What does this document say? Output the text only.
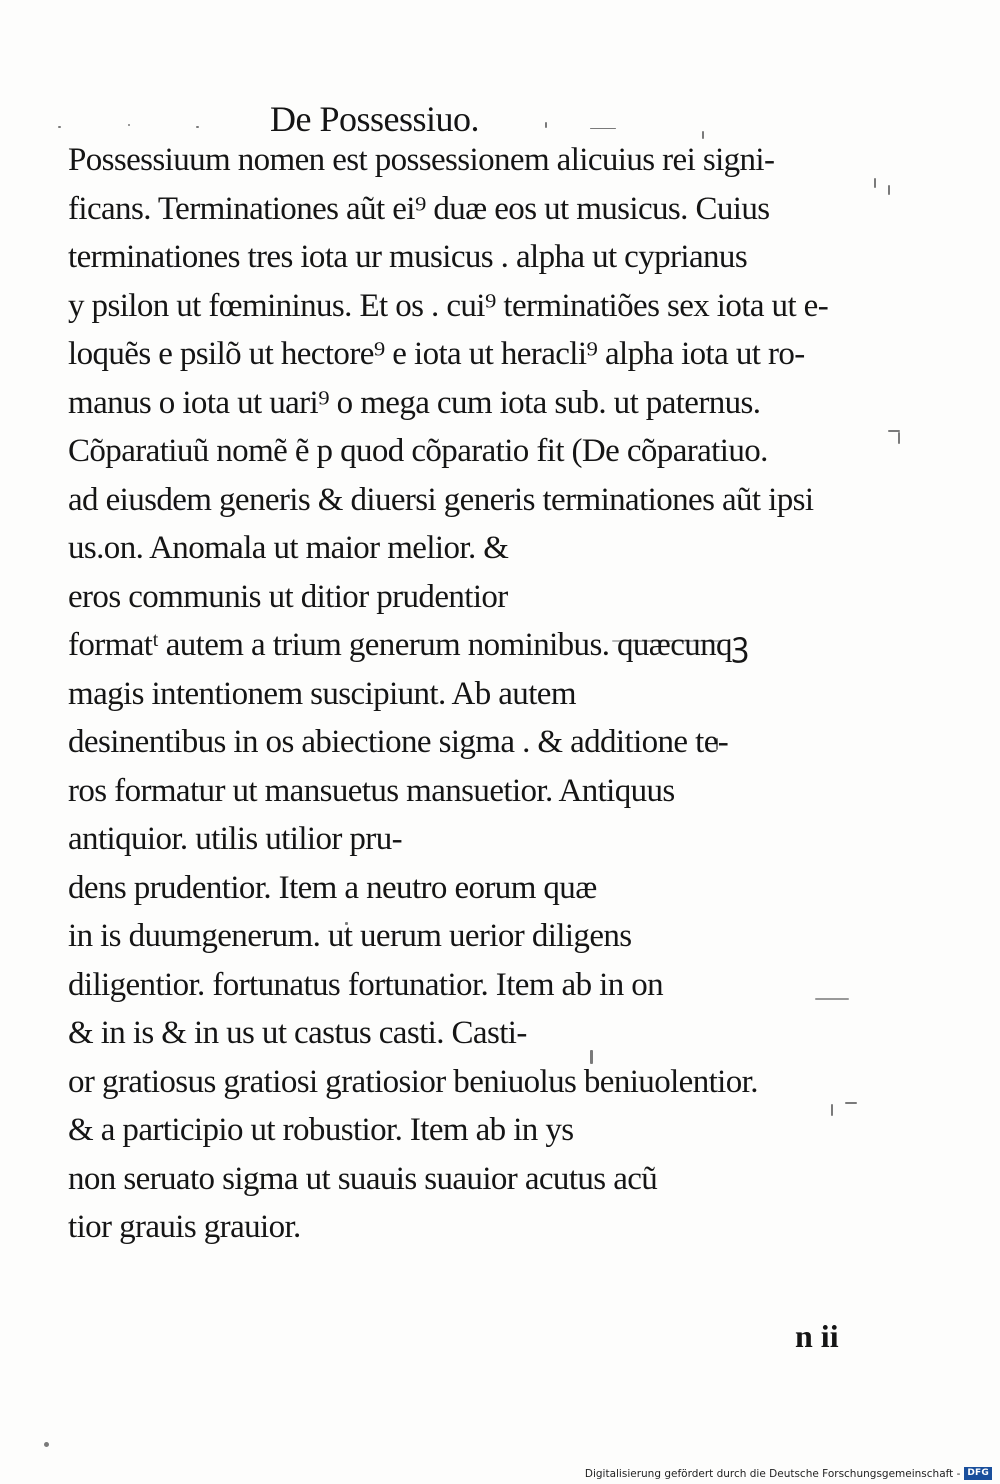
De Possessiuo.
Possessiuum nomen est possessionem alicuius rei signi-
ficans. Terminationes aũt ei⁹ duæ eos ut musicus. Cuius
terminationes tres iota ur musicus . alpha ut cyprianus
y psilon ut fœmininus. Et os . cui⁹ terminatiões sex iota ut e-
loquẽs e psilõ ut hectore⁹ e iota ut heracli⁹ alpha iota ut ro-
manus o iota ut uari⁹ o mega cum iota sub. ut paternus.
Cõparatiuũ nomẽ ẽ p quod cõparatio fit (De cõparatiuo.
ad eiusdem generis & diuersi generis terminationes aũt ipsi
us.on. Anomala ut maior melior. &
eros communis ut ditior prudentior
formatᵗ autem a trium generum nominibus. quæcunqꝫ
magis intentionem suscipiunt. Ab autem
desinentibus in os abiectione sigma . & additione te-
ros formatur ut mansuetus mansuetior. Antiquus
antiquior. utilis utilior pru-
dens prudentior. Item a neutro eorum quæ
in is duumgenerum. ut uerum uerior diligens
diligentior. fortunatus fortunatior. Item ab in on
& in is & in us ut castus casti. Casti-
or gratiosus gratiosi gratiosior beniuolus beniuolentior.
& a participio ut robustior. Item ab in ys
non seruato sigma ut suauis suauior acutus acũ
tior grauis grauior.
n ii
Digitalisierung gefördert durch die Deutsche Forschungsgemeinschaft - DFG
